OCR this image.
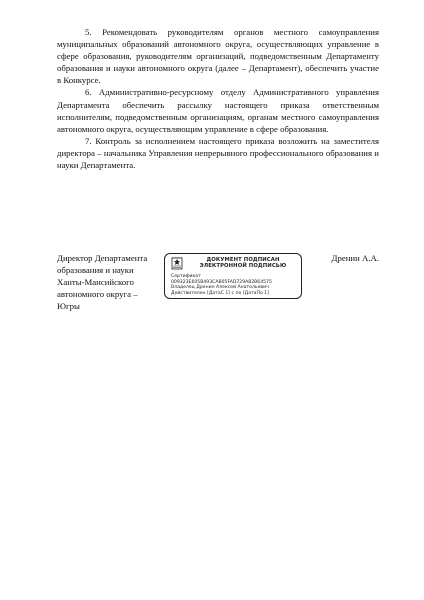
5. Рекомендовать руководителям органов местного самоуправления муниципальных образований автономного округа, осуществляющих управление в сфере образования, руководителям организаций, подведомственным Департаменту образования и науки автономного округа (далее – Департамент), обеспечить участие в Конкурсе.

6. Административно-ресурсному отделу Административного управления Департамента обеспечить рассылку настоящего приказа ответственным исполнителям, подведомственным организациям, органам местного самоуправления автономного округа, осуществляющим управление в сфере образования.

7. Контроль за исполнением настоящего приказа возложить на заместителя директора – начальника Управления непрерывного профессионального образования и науки Департамента.

Директор Департамента
образования и науки
Ханты-Мансийского
автономного округа –
Югры
ДОКУМЕНТ ПОДПИСАН
ЭЛЕКТРОННОЙ ПОДПИСЬЮ
Сертификат
009323E605B493CAB05FAD729A82B64575
Владелец Дренин Алексей Анатольевич
Действителен [ДатаС 1] с по [ДатаПо 1]
Дренин А.А.
